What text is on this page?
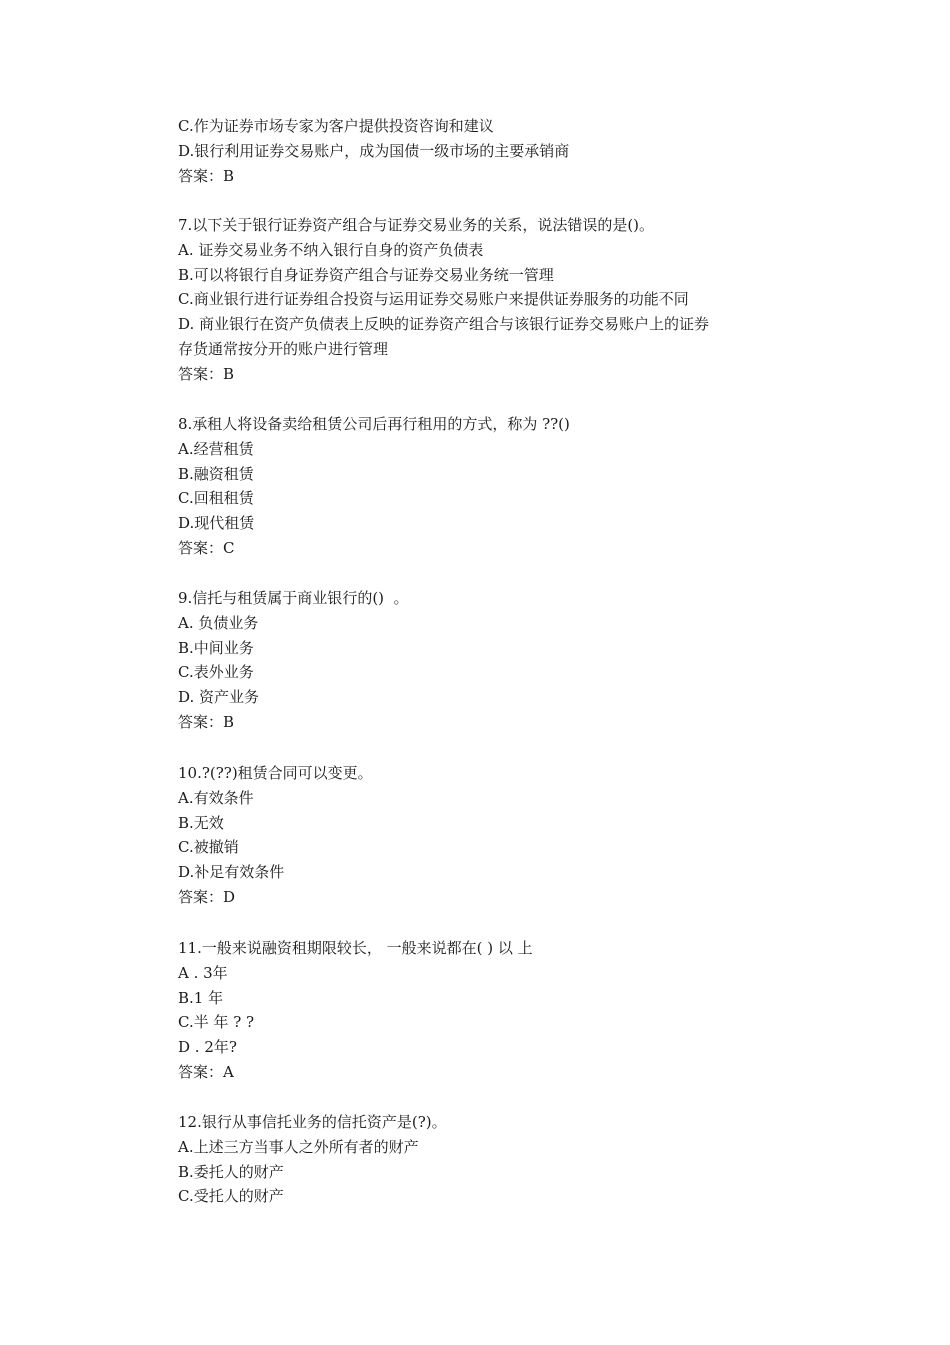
C.作为证券市场专家为客户提供投资咨询和建议
D.银行利用证券交易账户，成为国债一级市场的主要承销商
答案：B
7.以下关于银行证券资产组合与证券交易业务的关系，说法错误的是()。
A. 证券交易业务不纳入银行自身的资产负债表
B.可以将银行自身证券资产组合与证券交易业务统一管理
C.商业银行进行证券组合投资与运用证券交易账户来提供证券服务的功能不同
D. 商业银行在资产负债表上反映的证券资产组合与该银行证券交易账户上的证券
存货通常按分开的账户进行管理
答案：B
8.承租人将设备卖给租赁公司后再行租用的方式，称为 ??()
A.经营租赁
B.融资租赁
C.回租租赁
D.现代租赁
答案：C
9.信托与租赁属于商业银行的()  。
A. 负债业务
B.中间业务
C.表外业务
D. 资产业务
答案：B
10.?(??)租赁合同可以变更。
A.有效条件
B.无效
C.被撤销
D.补足有效条件
答案：D
11.一般来说融资租期限较长， 一般来说都在( ) 以 上
A . 3年
B.1 年
C.半 年 ? ?
D . 2年?
答案：A
12.银行从事信托业务的信托资产是(?)。
A.上述三方当事人之外所有者的财产
B.委托人的财产
C.受托人的财产
